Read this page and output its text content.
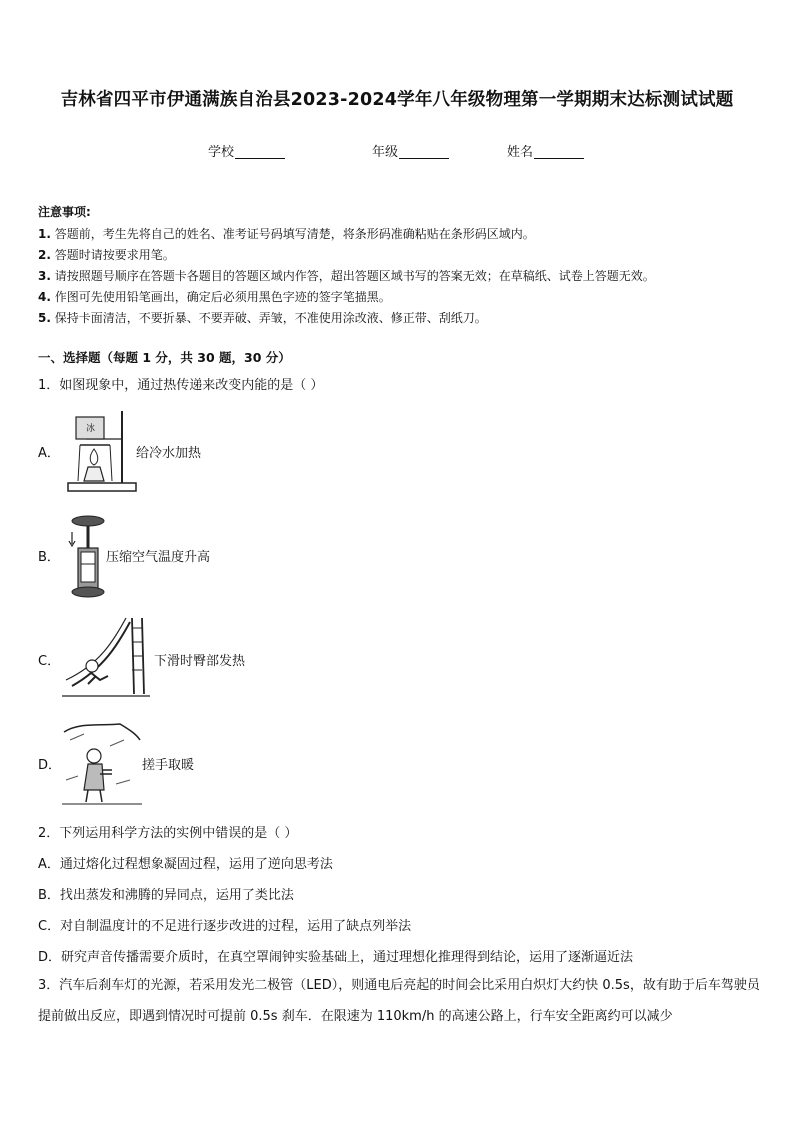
吉林省四平市伊通满族自治县2023-2024学年八年级物理第一学期期末达标测试试题
学校	年级	姓名
注意事项:
1. 答题前，考生先将自己的姓名、准考证号码填写清楚，将条形码准确粘贴在条形码区域内。
2. 答题时请按要求用笔。
3. 请按照题号顺序在答题卡各题目的答题区域内作答，超出答题区域书写的答案无效；在草稿纸、试卷上答题无效。
4. 作图可先使用铅笔画出，确定后必须用黑色字迹的签字笔描黑。
5. 保持卡面清洁，不要折暴、不要弄破、弄皱，不准使用涂改液、修正带、刮纸刀。
一、选择题（每题 1 分，共 30 题，30 分）
1．如图现象中，通过热传递来改变内能的是（ ）
A．
冰
给冷水加热
B．	压缩空气温度升高
C．	下滑时臀部发热
D．	搓手取暖
2．下列运用科学方法的实例中错误的是（ ）
A．通过熔化过程想象凝固过程，运用了逆向思考法
B．找出蒸发和沸腾的异同点，运用了类比法
C．对自制温度计的不足进行逐步改进的过程，运用了缺点列举法
D．研究声音传播需要介质时，在真空罩闹钟实验基础上，通过理想化推理得到结论，运用了逐渐逼近法
3．汽车后刹车灯的光源，若采用发光二极管（LED），则通电后亮起的时间会比采用白炽灯大约快 0.5s，故有助于后车驾驶员提前做出反应，即遇到情况时可提前 0.5s 刹车．在限速为 110km/h 的高速公路上，行车安全距离约可以减少
